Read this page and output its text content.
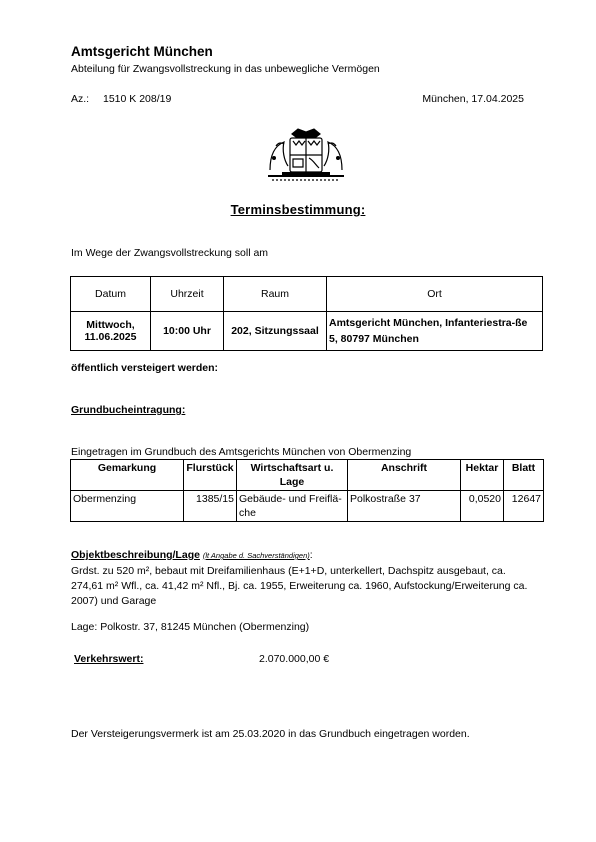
Amtsgericht München
Abteilung für Zwangsvollstreckung in das unbewegliche Vermögen
Az.: 1510 K 208/19	München, 17.04.2025
Terminsbestimmung:
Im Wege der Zwangsvollstreckung soll am
Datum	Uhrzeit	Raum	Ort
Mittwoch, 11.06.2025	10:00 Uhr	202, Sitzungssaal	Amtsgericht München, Infanteriestra-ße 5, 80797 München
öffentlich versteigert werden:
Grundbucheintragung:
Eingetragen im Grundbuch des Amtsgerichts München von Obermenzing
Gemarkung	Flurstück	Wirtschaftsart u. Lage	Anschrift	Hektar	Blatt
Obermenzing	1385/15	Gebäude- und Freiflä-che	Polkostraße 37	0,0520	12647
Objektbeschreibung/Lage (lt Angabe d. Sachverständigen):
Grdst. zu 520 m², bebaut mit Dreifamilienhaus (E+1+D, unterkellert, Dachspitz ausgebaut, ca. 274,61 m² Wfl., ca. 41,42 m² Nfl., Bj. ca. 1955, Erweiterung ca. 1960, Aufstockung/Erweiterung ca. 2007) und Garage
Lage: Polkostr. 37, 81245 München (Obermenzing)
Verkehrswert:	2.070.000,00 €
Der Versteigerungsvermerk ist am 25.03.2020 in das Grundbuch eingetragen worden.
